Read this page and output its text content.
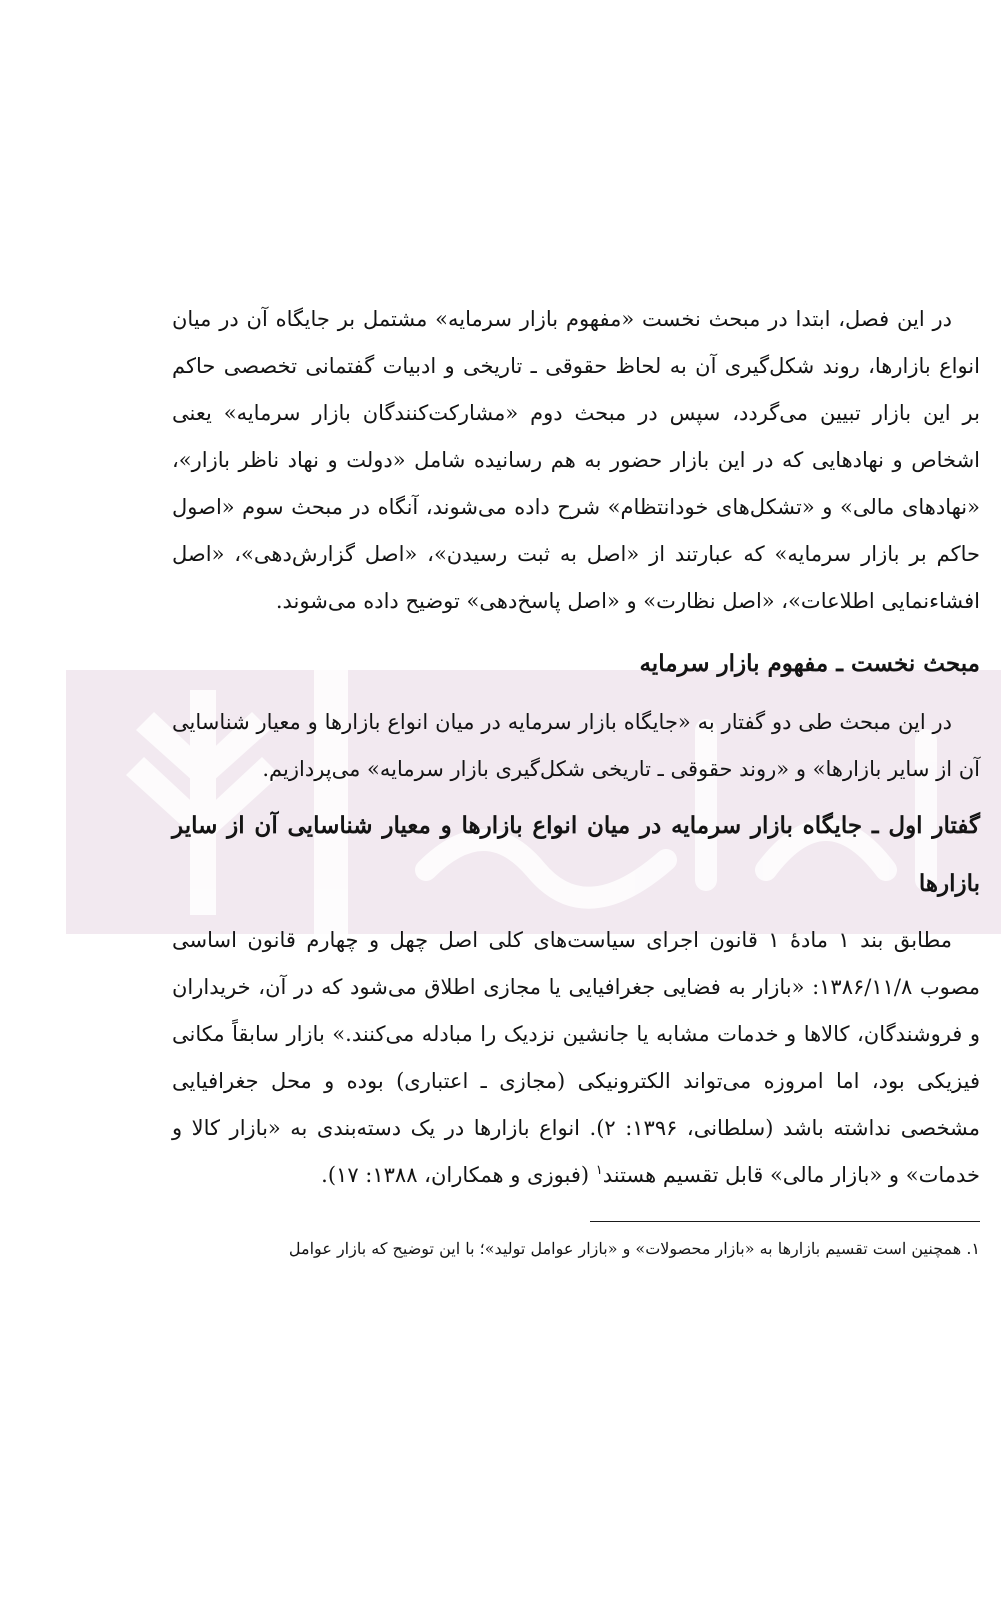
در این فصل، ابتدا در مبحث نخست «مفهوم بازار سرمایه» مشتمل بر جایگاه آن در میان انواع بازارها، روند شکل‌گیری آن به لحاظ حقوقی ـ تاریخی و ادبیات گفتمانی تخصصی حاکم بر این بازار تبیین می‌گردد، سپس در مبحث دوم «مشارکت‌کنندگان بازار سرمایه» یعنی اشخاص و نهادهایی که در این بازار حضور به هم رسانیده شامل «دولت و نهاد ناظر بازار»، «نهادهای مالی» و «تشکل‌های خودانتظام» شرح داده می‌شوند، آنگاه در مبحث سوم «اصول حاکم بر بازار سرمایه» که عبارتند از «اصل به ثبت رسیدن»، «اصل گزارش‌دهی»، «اصل افشاءنمایی اطلاعات»، «اصل نظارت» و «اصل پاسخ‌دهی» توضیح داده می‌شوند.

مبحث نخست ـ مفهوم بازار سرمایه

در این مبحث طی دو گفتار به «جایگاه بازار سرمایه در میان انواع بازارها و معیار شناسایی آن از سایر بازارها» و «روند حقوقی ـ تاریخی شکل‌گیری بازار سرمایه» می‌پردازیم.

گفتار اول ـ جایگاه بازار سرمایه در میان انواع بازارها و معیار شناسایی آن از سایر بازارها

مطابق بند ۱ مادهٔ ۱ قانون اجرای سیاست‌های کلی اصل چهل و چهارم قانون اساسی مصوب ۱۳۸۶/۱۱/۸: «بازار به فضایی جغرافیایی یا مجازی اطلاق می‌شود که در آن، خریداران و فروشندگان، کالاها و خدمات مشابه یا جانشین نزدیک را مبادله می‌کنند.» بازار سابقاً مکانی فیزیکی بود، اما امروزه می‌تواند الکترونیکی (مجازی ـ اعتباری) بوده و محل جغرافیایی مشخصی نداشته باشد (سلطانی، ۱۳۹۶: ۲). انواع بازارها در یک دسته‌بندی به «بازار کالا و خدمات» و «بازار مالی» قابل تقسیم هستند$^۱$ (فبوزی و همکاران، ۱۳۸۸: ۱۷).

۱. همچنین است تقسیم بازارها به «بازار محصولات» و «بازار عوامل تولید»؛ با این توضیح که بازار عوامل
